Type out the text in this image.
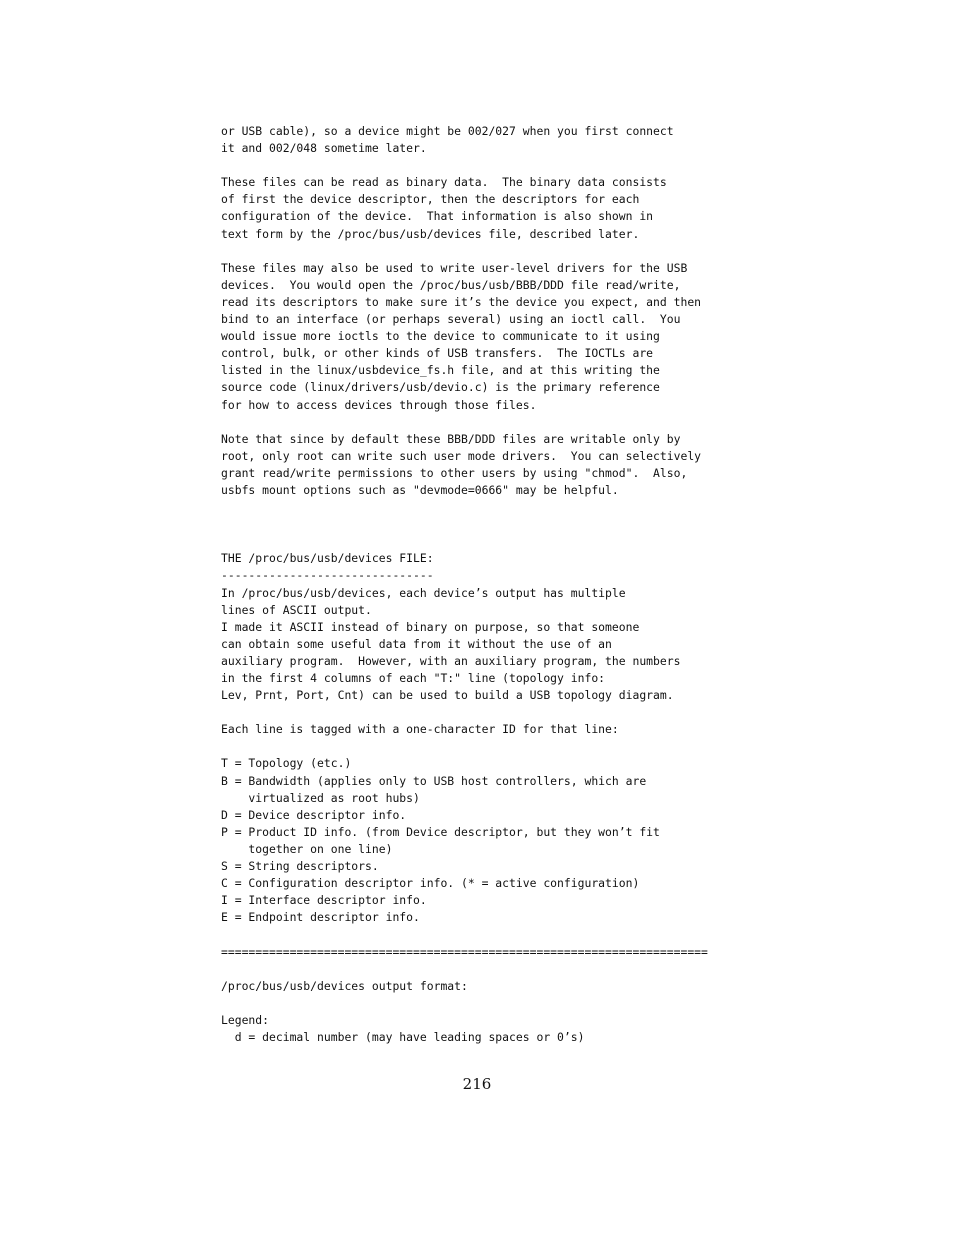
or USB cable), so a device might be 002/027 when you first connect
it and 002/048 sometime later.

These files can be read as binary data.  The binary data consists
of first the device descriptor, then the descriptors for each
configuration of the device.  That information is also shown in
text form by the /proc/bus/usb/devices file, described later.

These files may also be used to write user-level drivers for the USB
devices.  You would open the /proc/bus/usb/BBB/DDD file read/write,
read its descriptors to make sure it’s the device you expect, and then
bind to an interface (or perhaps several) using an ioctl call.  You
would issue more ioctls to the device to communicate to it using
control, bulk, or other kinds of USB transfers.  The IOCTLs are
listed in the linux/usbdevice_fs.h file, and at this writing the
source code (linux/drivers/usb/devio.c) is the primary reference
for how to access devices through those files.

Note that since by default these BBB/DDD files are writable only by
root, only root can write such user mode drivers.  You can selectively
grant read/write permissions to other users by using "chmod".  Also,
usbfs mount options such as "devmode=0666" may be helpful.

THE /proc/bus/usb/devices FILE:
-------------------------------
In /proc/bus/usb/devices, each device’s output has multiple
lines of ASCII output.
I made it ASCII instead of binary on purpose, so that someone
can obtain some useful data from it without the use of an
auxiliary program.  However, with an auxiliary program, the numbers
in the first 4 columns of each "T:" line (topology info:
Lev, Prnt, Port, Cnt) can be used to build a USB topology diagram.

Each line is tagged with a one-character ID for that line:

T = Topology (etc.)
B = Bandwidth (applies only to USB host controllers, which are
virtualized as root hubs)
D = Device descriptor info.
P = Product ID info. (from Device descriptor, but they won’t fit
together on one line)
S = String descriptors.
C = Configuration descriptor info. (* = active configuration)
I = Interface descriptor info.
E = Endpoint descriptor info.

=======================================================================

/proc/bus/usb/devices output format:

Legend:
d = decimal number (may have leading spaces or 0’s)

216
